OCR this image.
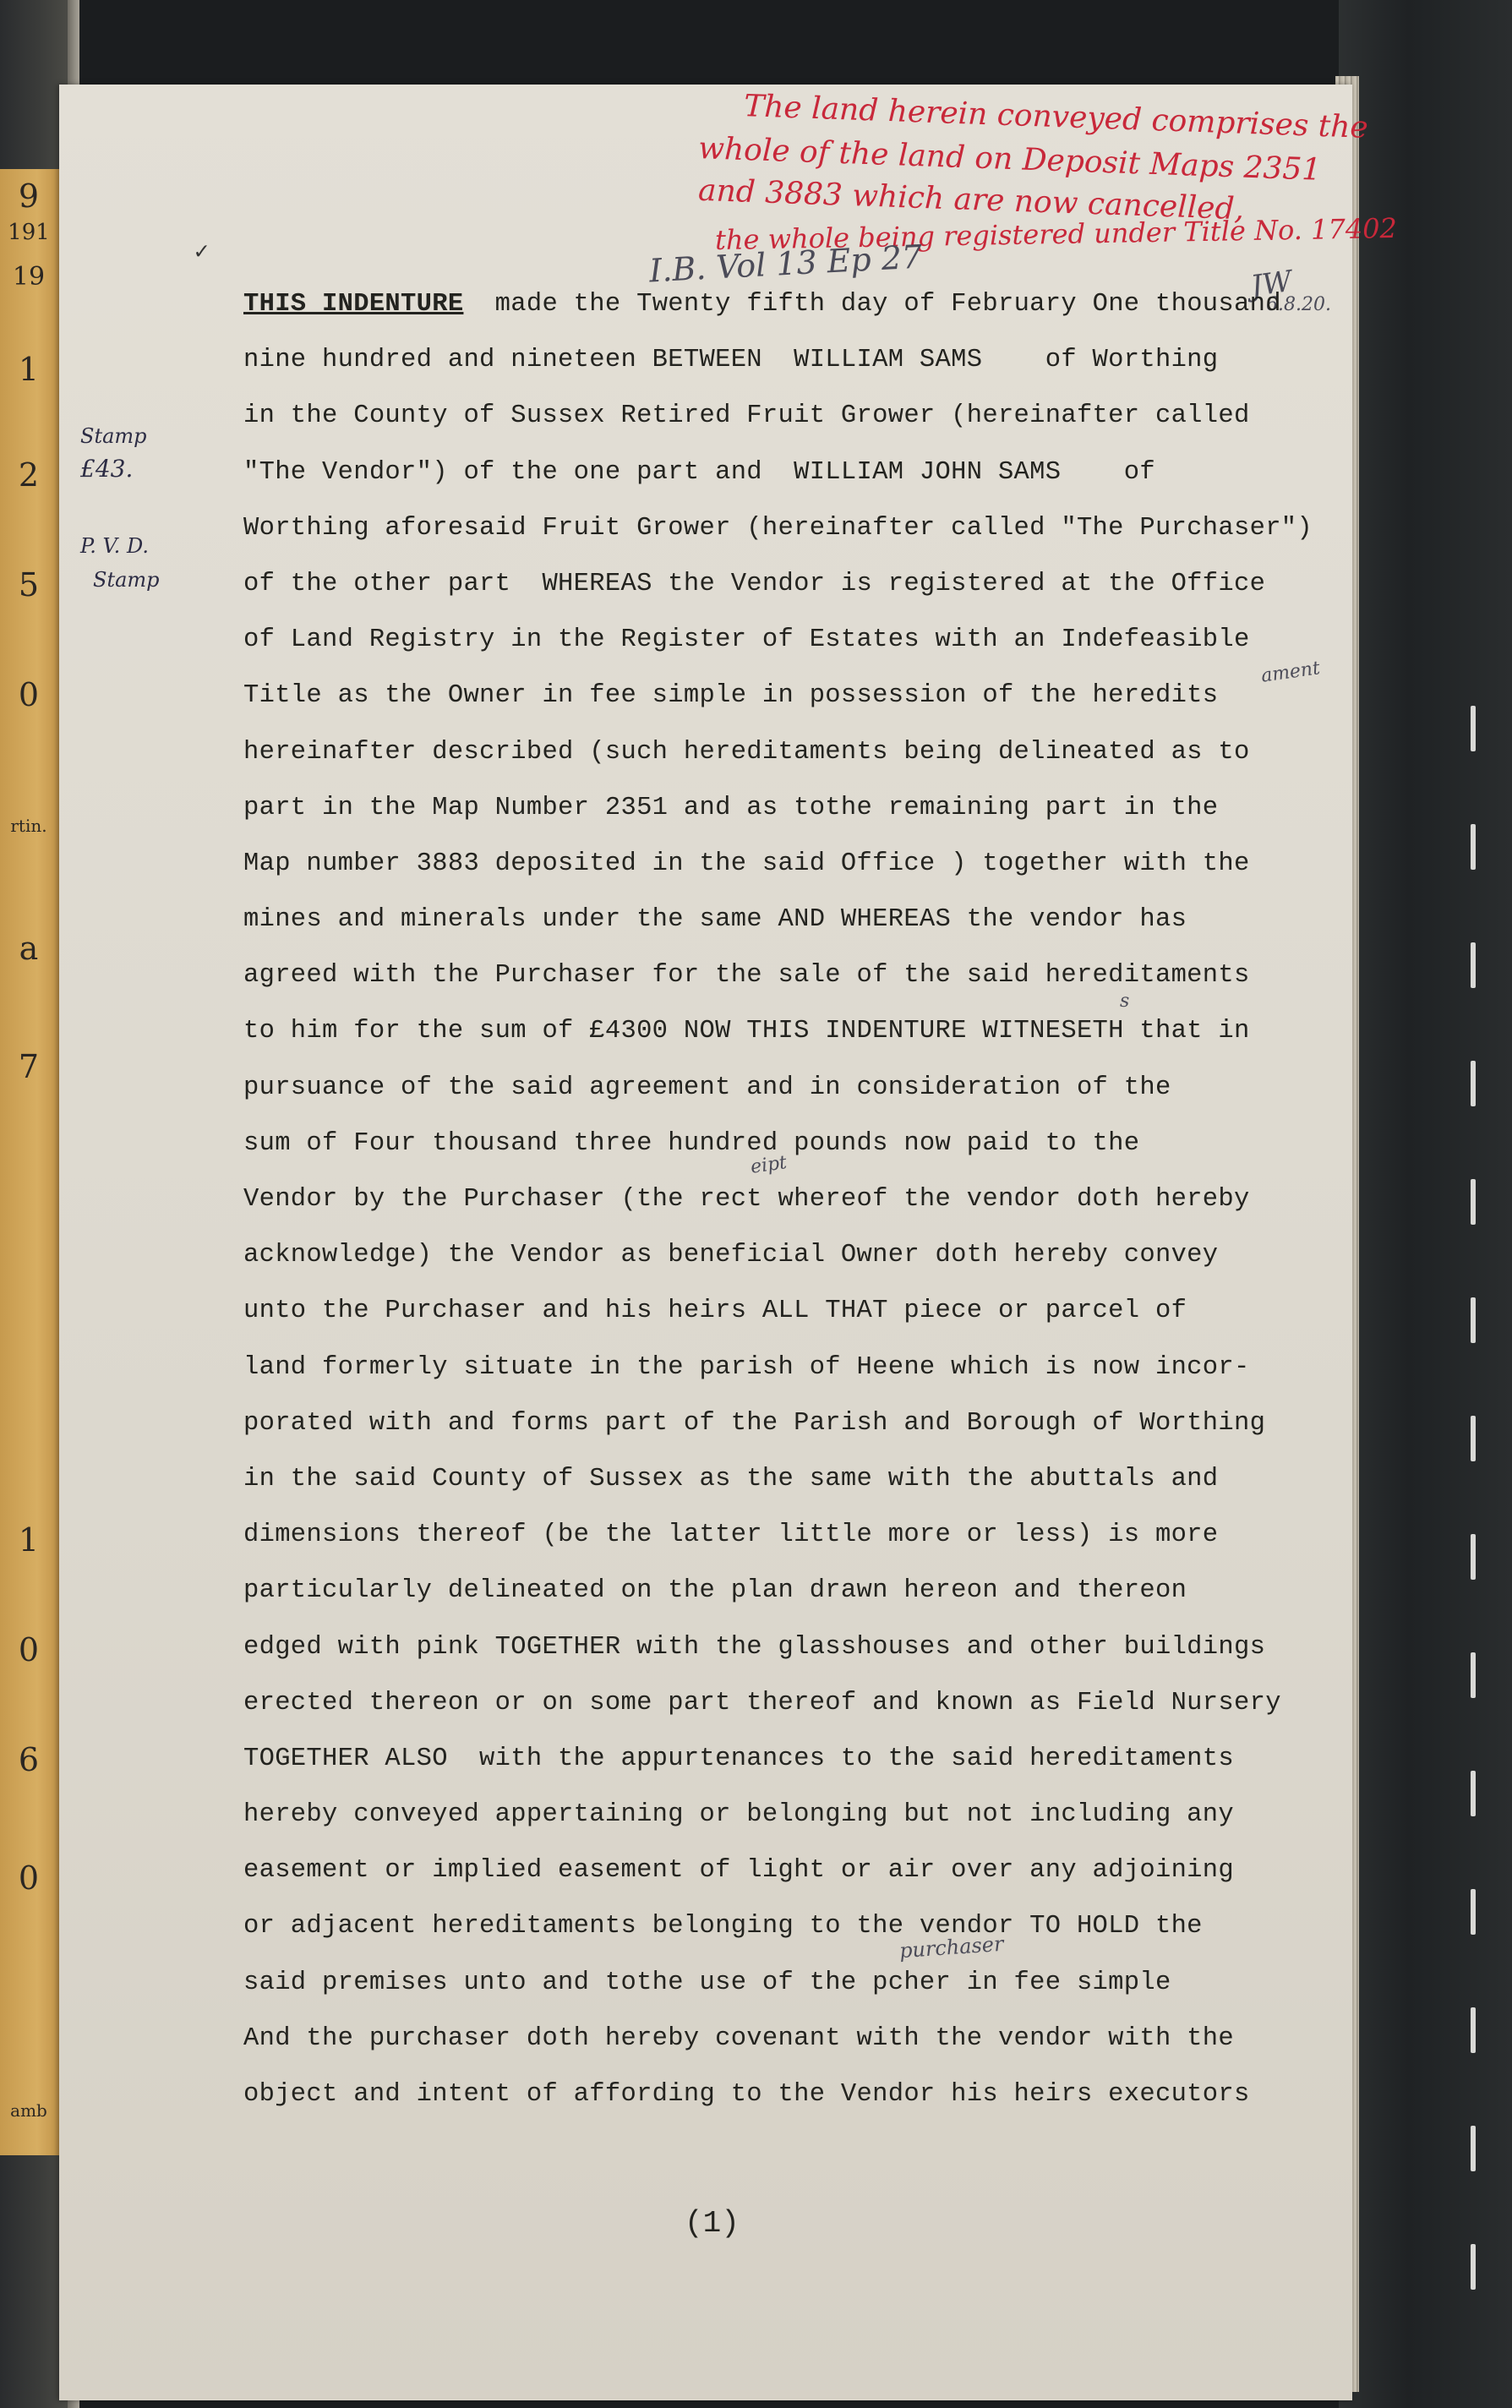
9
191
19
1
2
5
0
rtin.
a
7
1
0
6
0
amb
Stamp
£43.
P. V. D.
Stamp
✓
The land herein conveyed comprises the
whole of the land on Deposit Maps 2351
and 3883 which are now cancelled,
the whole being registered under Title No. 17402
I.B. Vol 13 Ep 27	JW
6.8.20.
ament
s
eipt
purchaser
THIS INDENTURE made the Twenty fifth day of February One thousand
nine hundred and nineteen BETWEEN  WILLIAM SAMS    of Worthing
in the County of Sussex Retired Fruit Grower (hereinafter called
"The Vendor") of the one part and  WILLIAM JOHN SAMS    of
Worthing aforesaid Fruit Grower (hereinafter called "The Purchaser")
of the other part  WHEREAS the Vendor is registered at the Office
of Land Registry in the Register of Estates with an Indefeasible
Title as the Owner in fee simple in possession of the heredits
hereinafter described (such hereditaments being delineated as to
part in the Map Number 2351 and as tothe remaining part in the
Map number 3883 deposited in the said Office ) together with the
mines and minerals under the same AND WHEREAS the vendor has
agreed with the Purchaser for the sale of the said hereditaments
to him for the sum of £4300 NOW THIS INDENTURE WITNESETH that in
pursuance of the said agreement and in consideration of the
sum of Four thousand three hundred pounds now paid to the
Vendor by the Purchaser (the rect whereof the vendor doth hereby
acknowledge) the Vendor as beneficial Owner doth hereby convey
unto the Purchaser and his heirs ALL THAT piece or parcel of
land formerly situate in the parish of Heene which is now incor-
porated with and forms part of the Parish and Borough of Worthing
in the said County of Sussex as the same with the abuttals and
dimensions thereof (be the latter little more or less) is more
particularly delineated on the plan drawn hereon and thereon
edged with pink TOGETHER with the glasshouses and other buildings
erected thereon or on some part thereof and known as Field Nursery
TOGETHER ALSO  with the appurtenances to the said hereditaments
hereby conveyed appertaining or belonging but not including any
easement or implied easement of light or air over any adjoining
or adjacent hereditaments belonging to the vendor TO HOLD the
said premises unto and tothe use of the pcher in fee simple
And the purchaser doth hereby covenant with the vendor with the
object and intent of affording to the Vendor his heirs executors
(1)
